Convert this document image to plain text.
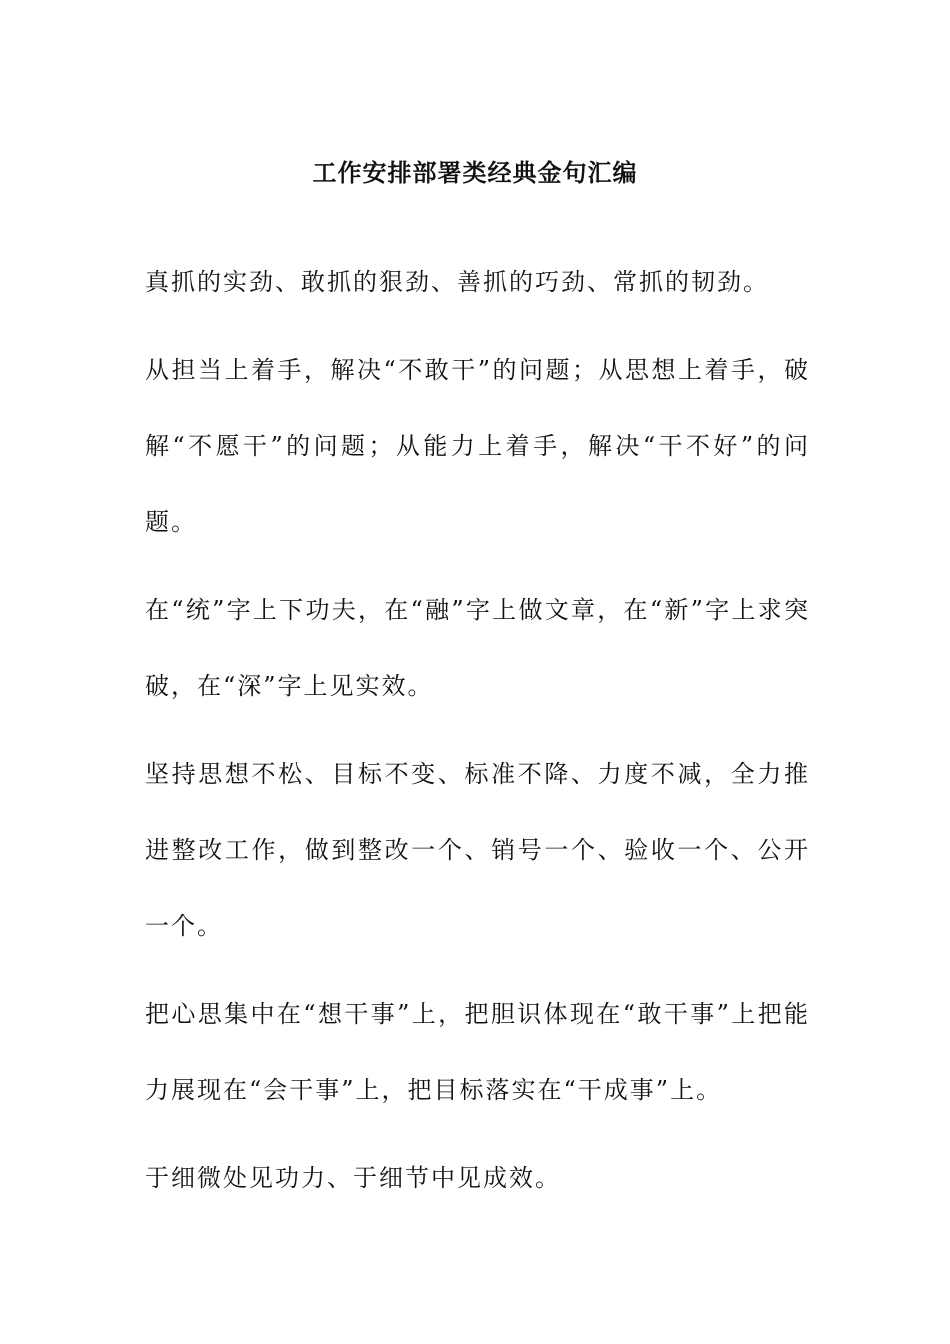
工作安排部署类经典金句汇编

真抓的实劲、敢抓的狠劲、善抓的巧劲、常抓的韧劲。

从担当上着手，解决“不敢干”的问题；从思想上着手，破解“不愿干”的问题；从能力上着手，解决“干不好”的问题。

在“统”字上下功夫，在“融”字上做文章，在“新”字上求突破，在“深”字上见实效。

坚持思想不松、目标不变、标准不降、力度不减，全力推进整改工作，做到整改一个、销号一个、验收一个、公开一个。

把心思集中在“想干事”上，把胆识体现在“敢干事”上把能力展现在“会干事”上，把目标落实在“干成事”上。

于细微处见功力、于细节中见成效。
